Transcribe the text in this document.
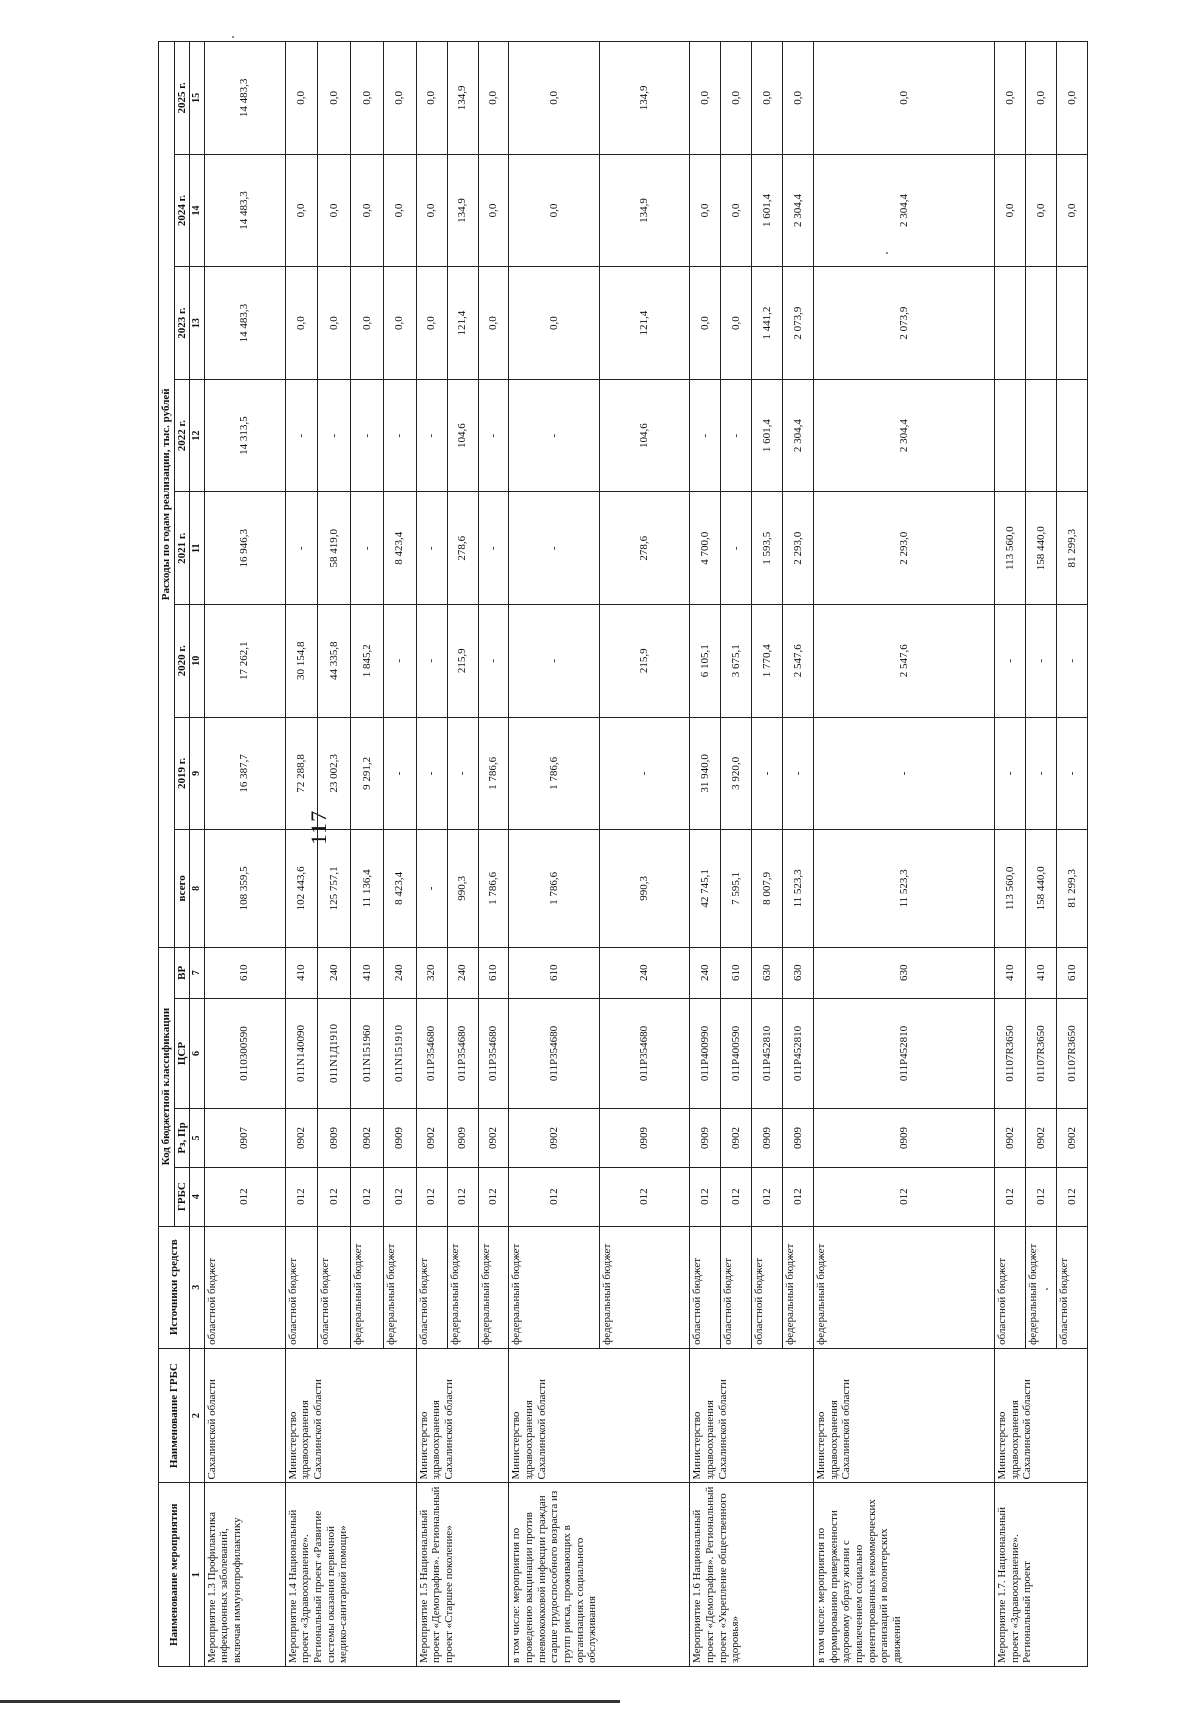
117
Наименование мероприятия	Наименование ГРБС	Источники средств	Код бюджетной классификации				Расходы по годам реализации, тыс. рублей							
			ГРБС	Рз, Пр	ЦСР	ВР	всего	2019 г.	2020 г.	2021 г.	2022 г.	2023 г.	2024 г.	2025 г.
1	2	3	4	5	6	7	8	9	10	11	12	13	14	15
Мероприятие 1.3 Профилактика инфекционных заболеваний, включая иммунопрофилактику	Сахалинской области	областной бюджет	012	0907	0110300590	610	108 359,5	16 387,7	17 262,1	16 946,3	14 313,5	14 483,3	14 483,3	14 483,3
Мероприятие 1.4 Национальный проект «Здравоохранение». Региональный проект «Развитие системы оказания первичной медико-санитарной помощи»	Министерство здравоохранения Сахалинской области	областной бюджет	012	0902	011N140090	410	102 443,6	72 288,8	30 154,8	-	-	0,0	0,0	0,0
		областной бюджет	012	0909	011N1Д1910	240	125 757,1	23 002,3	44 335,8	58 419,0	-	0,0	0,0	0,0
		федеральный бюджет	012	0902	011N151960	410	11 136,4	9 291,2	1 845,2	-	-	0,0	0,0	0,0
		федеральный бюджет	012	0909	011N151910	240	8 423,4	-	-	8 423,4	-	0,0	0,0	0,0
Мероприятие 1.5 Национальный проект «Демография». Региональный проект «Старшее поколение»	Министерство здравоохранения Сахалинской области	областной бюджет	012	0902	011P354680	320	-	-	-	-	-	0,0	0,0	0,0
		федеральный бюджет	012	0909	011P354680	240	990,3	-	215,9	278,6	104,6	121,4	134,9	134,9
		федеральный бюджет	012	0902	011P354680	610	1 786,6	1 786,6	-	-	-	0,0	0,0	0,0
в том числе: мероприятия по проведению вакцинации против пневмококковой инфекции граждан старше трудоспособного возраста из групп риска, проживающих в организациях социального обслуживания	Министерство здравоохранения Сахалинской области	федеральный бюджет	012	0902	011P354680	610	1 786,6	1 786,6	-	-	-	0,0	0,0	0,0
		федеральный бюджет	012	0909	011P354680	240	990,3	-	215,9	278,6	104,6	121,4	134,9	134,9
Мероприятие 1.6 Национальный проект «Демография». Региональный проект «Укрепление общественного здоровья»	Министерство здравоохранения Сахалинской области	областной бюджет	012	0909	011P400990	240	42 745,1	31 940,0	6 105,1	4 700,0	-	0,0	0,0	0,0
		областной бюджет	012	0902	011P400590	610	7 595,1	3 920,0	3 675,1	-	-	0,0	0,0	0,0
		областной бюджет	012	0909	011P452810	630	8 007,9	-	1 770,4	1 593,5	1 601,4	1 441,2	1 601,4	0,0
		федеральный бюджет	012	0909	011P452810	630	11 523,3	-	2 547,6	2 293,0	2 304,4	2 073,9	2 304,4	0,0
в том числе: мероприятия по формированию приверженности здоровому образу жизни с привлечением социально ориентированных некоммерческих организаций и волонтерских движений	Министерство здравоохранения Сахалинской области	федеральный бюджет	012	0909	011P452810	630	11 523,3	-	2 547,6	2 293,0	2 304,4	2 073,9	2 304,4	0,0
Мероприятие 1.7. Национальный проект «Здравоохранение». Региональный проект	Министерство здравоохранения Сахалинской области	областной бюджет	012	0902	01107R3650	410	113 560,0	-	-	113 560,0			0,0	0,0
		федеральный бюджет	012	0902	01107R3650	410	158 440,0	-	-	158 440,0			0,0	0,0
		областной бюджет	012	0902	01107R3650	610	81 299,3	-	-	81 299,3			0,0	0,0
